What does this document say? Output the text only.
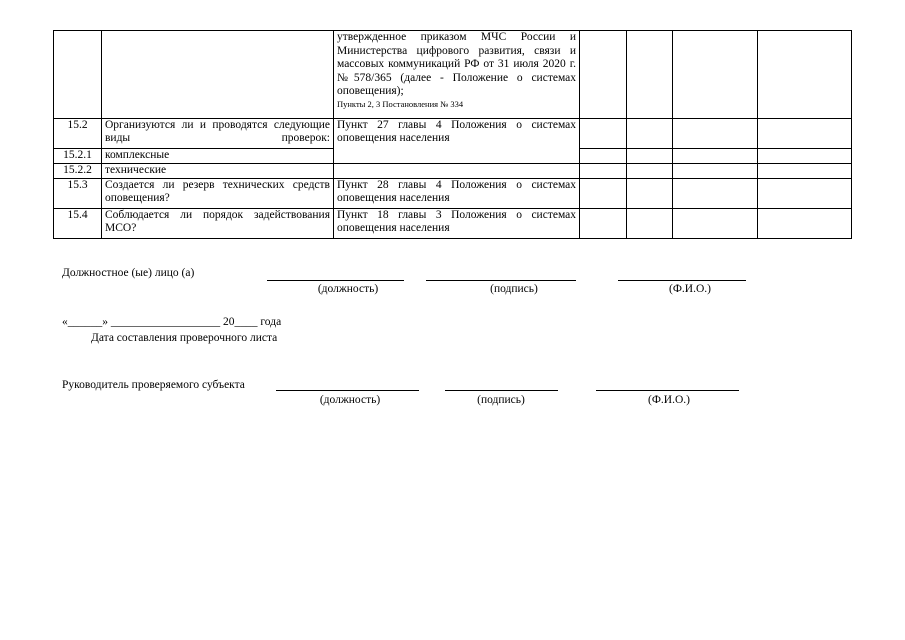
		утвержденное приказом МЧС России и Министерства цифрового развития, связи и массовых коммуникаций РФ от 31 июля 2020 г. №578/365 (далее - Положение о системах оповещения);
Пункты 2, 3 Постановления № 334				

15.2	Организуются ли и проводятся следующие виды проверок:	Пункт 27 главы 4 Положения о системах оповещения населения				
15.2.1	комплексные					
15.2.2	технические					
15.3	Создается ли резерв технических средств оповещения?	Пункт 28 главы 4 Положения о системах оповещения населения				
15.4	Соблюдается ли порядок задействования МСО?	Пункт 18 главы 3 Положения о системах оповещения населения				
Должностное (ые) лицо (а)
(должность)	(подпись)	(Ф.И.О.)
«______» ___________________ 20____ года
Дата составления проверочного листа
Руководитель проверяемого субъекта
(должность)	(подпись)	(Ф.И.О.)
